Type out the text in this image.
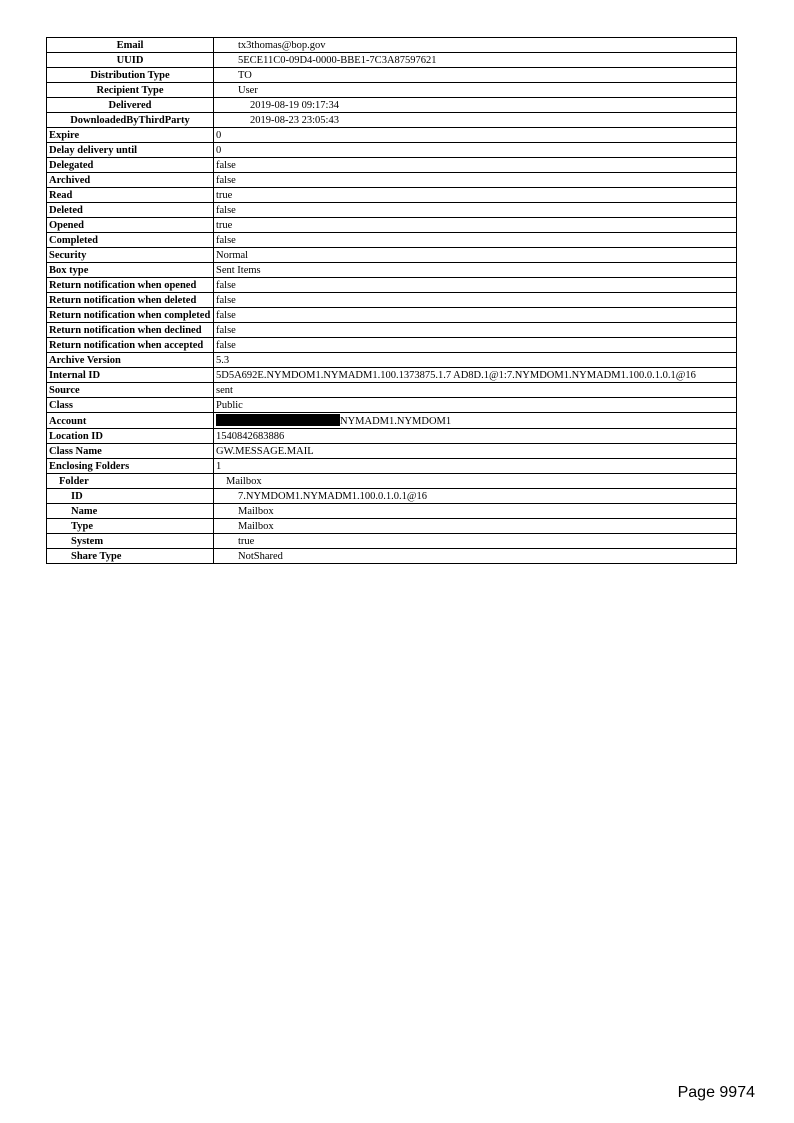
Email	tx3thomas@bop.gov
UUID	5ECE11C0-09D4-0000-BBE1-7C3A87597621
Distribution Type	TO
Recipient Type	User
Delivered	2019-08-19 09:17:34
DownloadedByThirdParty	2019-08-23 23:05:43
Expire	0
Delay delivery until	0
Delegated	false
Archived	false
Read	true
Deleted	false
Opened	true
Completed	false
Security	Normal
Box type	Sent Items
Return notification when opened	false
Return notification when deleted	false
Return notification when completed	false
Return notification when declined	false
Return notification when accepted	false
Archive Version	5.3
Internal ID	5D5A692E.NYMDOM1.NYMADM1.100.1373875.1.7 AD8D.1@1:7.NYMDOM1.NYMADM1.100.0.1.0.1@16
Source	sent
Class	Public
Account	NYMADM1.NYMDOM1
Location ID	1540842683886
Class Name	GW.MESSAGE.MAIL
Enclosing Folders	1
Folder	Mailbox
ID	7.NYMDOM1.NYMADM1.100.0.1.0.1@16
Name	Mailbox
Type	Mailbox
System	true
Share Type	NotShared
Page 9974
